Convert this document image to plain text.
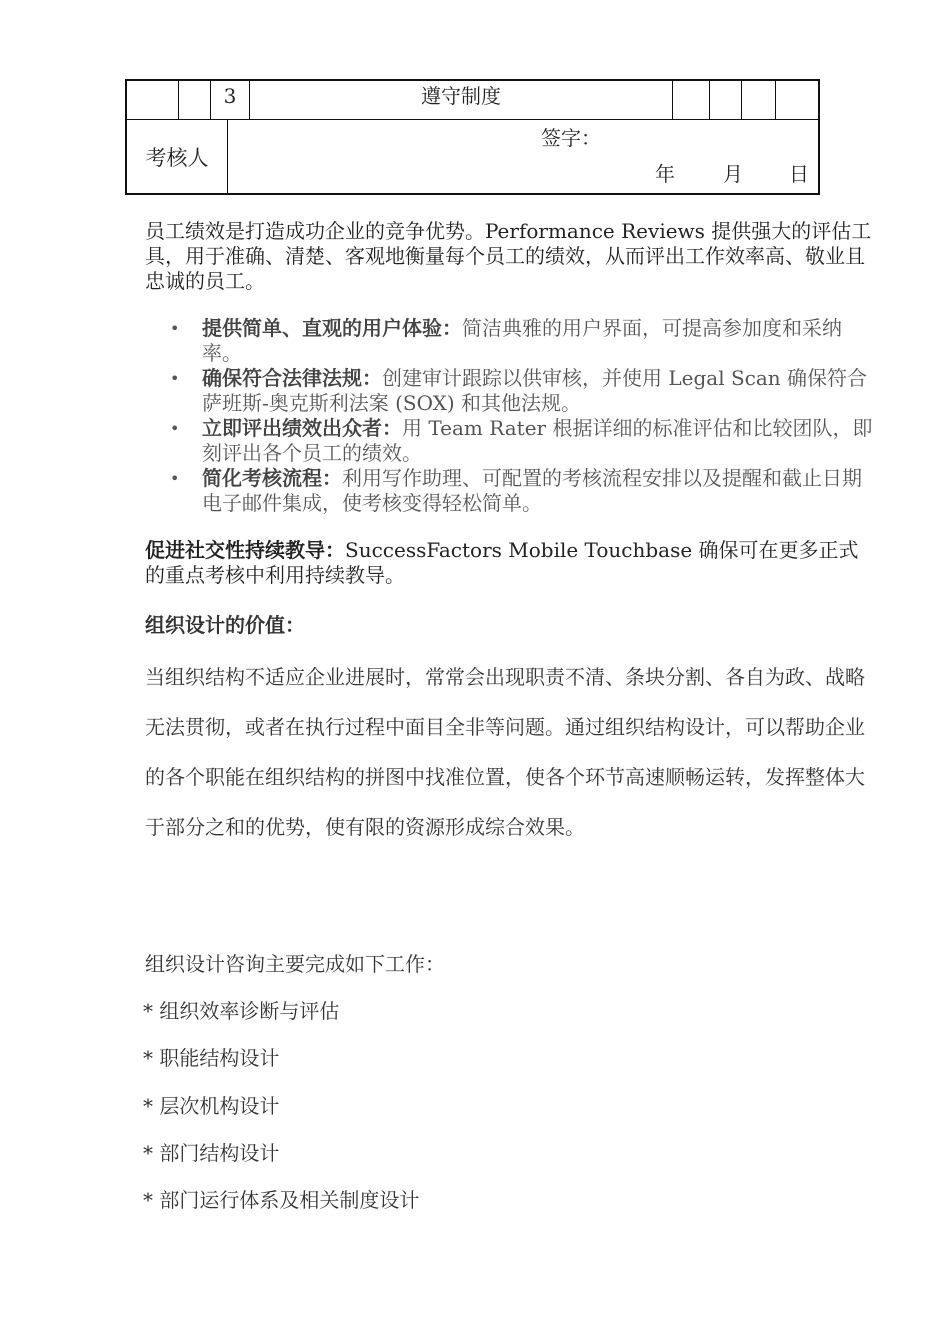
3	遵守制度
考核人
签字：
年 月 日
员工绩效是打造成功企业的竞争优势。Performance Reviews 提供强大的评估工具，用于准确、清楚、客观地衡量每个员工的绩效，从而评出工作效率高、敬业且忠诚的员工。
• 提供简单、直观的用户体验：简洁典雅的用户界面，可提高参加度和采纳率。
• 确保符合法律法规：创建审计跟踪以供审核，并使用 Legal Scan 确保符合萨班斯-奥克斯利法案 (SOX) 和其他法规。
• 立即评出绩效出众者：用 Team Rater 根据详细的标准评估和比较团队，即刻评出各个员工的绩效。
• 简化考核流程：利用写作助理、可配置的考核流程安排以及提醒和截止日期电子邮件集成，使考核变得轻松简单。
促进社交性持续教导：SuccessFactors Mobile Touchbase 确保可在更多正式的重点考核中利用持续教导。
组织设计的价值：
当组织结构不适应企业进展时，常常会出现职责不清、条块分割、各自为政、战略无法贯彻，或者在执行过程中面目全非等问题。通过组织结构设计，可以帮助企业的各个职能在组织结构的拼图中找准位置，使各个环节高速顺畅运转，发挥整体大于部分之和的优势，使有限的资源形成综合效果。
组织设计咨询主要完成如下工作：
* 组织效率诊断与评估
* 职能结构设计
* 层次机构设计
* 部门结构设计
* 部门运行体系及相关制度设计
